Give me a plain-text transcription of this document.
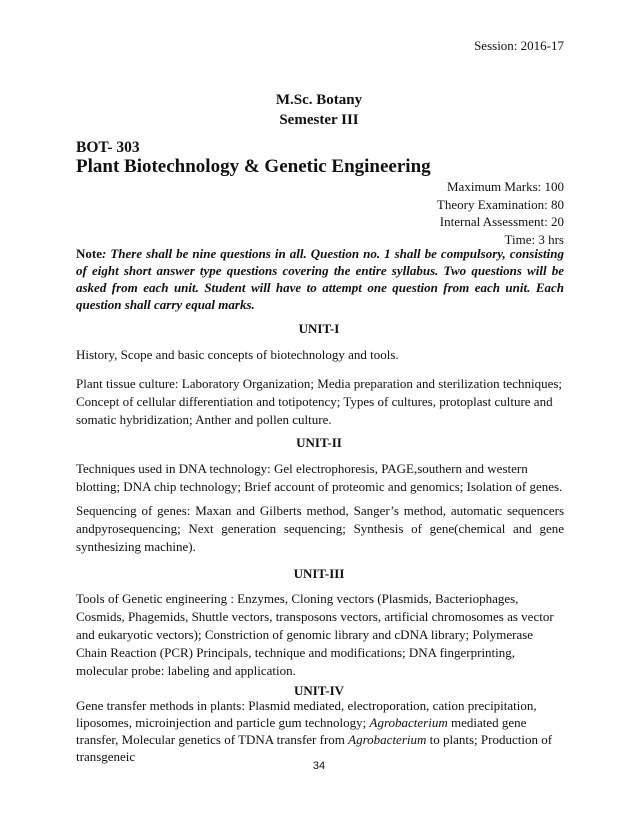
Session: 2016-17
M.Sc. Botany
Semester III
BOT- 303
Plant Biotechnology & Genetic Engineering
Maximum Marks: 100
Theory Examination: 80
Internal Assessment: 20
Time: 3 hrs
Note: There shall be nine questions in all. Question no. 1 shall be compulsory, consisting of eight short answer type questions covering the entire syllabus. Two questions will be asked from each unit. Student will have to attempt one question from each unit. Each question shall carry equal marks.
UNIT-I
History, Scope and basic concepts of biotechnology and tools.
Plant tissue culture: Laboratory Organization; Media preparation and sterilization techniques; Concept of cellular differentiation and totipotency; Types of cultures, protoplast culture and somatic hybridization; Anther and pollen culture.
UNIT-II
Techniques used in DNA technology: Gel electrophoresis, PAGE,southern and western blotting; DNA chip technology; Brief account of proteomic and genomics; Isolation of genes.
Sequencing of genes: Maxan and Gilberts method, Sanger’s method, automatic sequencers andpyrosequencing; Next generation sequencing; Synthesis of gene(chemical and gene synthesizing machine).
UNIT-III
Tools of Genetic engineering : Enzymes, Cloning vectors (Plasmids, Bacteriophages, Cosmids, Phagemids, Shuttle vectors, transposons vectors, artificial chromosomes as vector and eukaryotic vectors); Constriction of genomic library and cDNA library; Polymerase Chain Reaction (PCR) Principals, technique and modifications; DNA fingerprinting, molecular probe: labeling and application.
UNIT-IV
Gene transfer methods in plants: Plasmid mediated, electroporation, cation precipitation, liposomes, microinjection and particle gum technology; Agrobacterium mediated gene transfer, Molecular genetics of TDNA transfer from Agrobacterium to plants; Production of transgeneic
34
